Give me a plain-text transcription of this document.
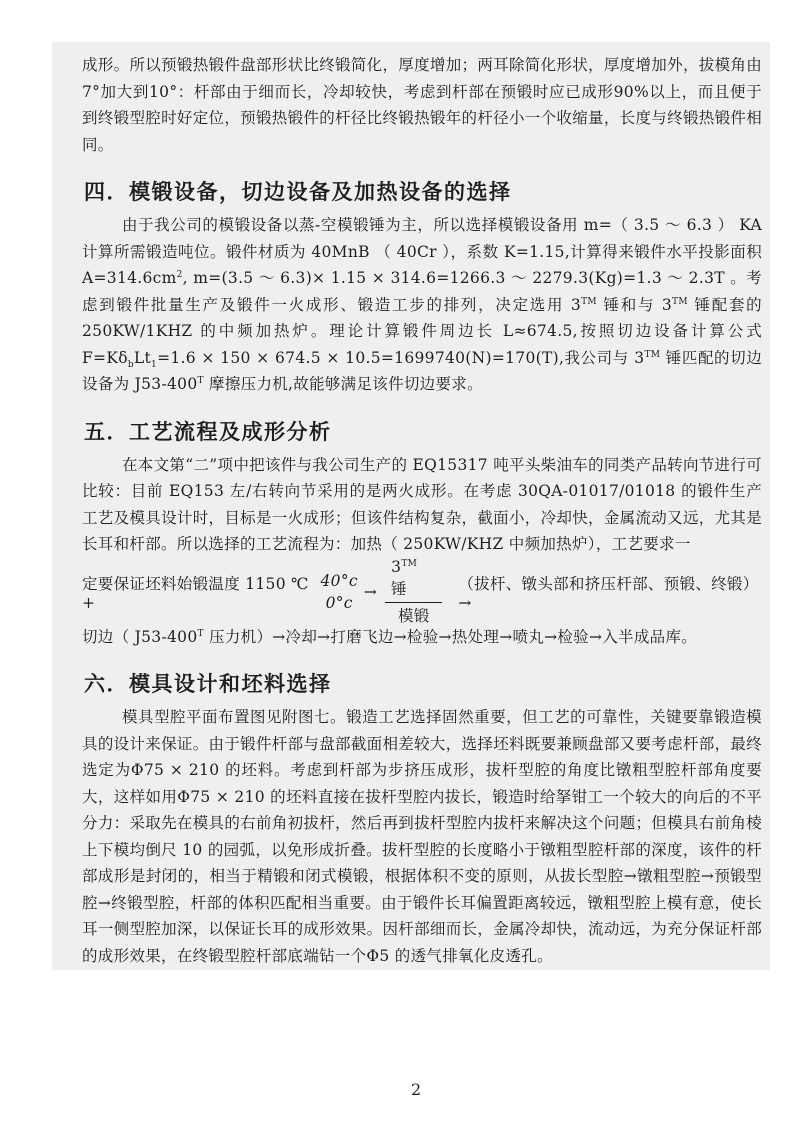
成形。所以预锻热锻件盘部形状比终锻简化，厚度增加；两耳除简化形状，厚度增加外，拔模角由7°加大到10°：杆部由于细而长，冷却较快，考虑到杆部在预锻时应已成形90%以上，而且便于到终锻型腔时好定位，预锻热锻件的杆径比终锻热锻年的杆径小一个收缩量，长度与终锻热锻件相同。

四．模锻设备，切边设备及加热设备的选择

由于我公司的模锻设备以蒸-空模锻锤为主，所以选择模锻设备用 m=（ 3.5 ～ 6.3 ） KA 计算所需锻造吨位。锻件材质为 40MnB （ 40Cr ），系数 K=1.15,计算得来锻件水平投影面积 $A=314.6cm^2$, m=(3.5 ～ 6.3)× 1.15 × 314.6=1266.3 ～ 2279.3(Kg)=1.3 ～ 2.3T 。考虑到锻件批量生产及锻件一火成形、锻造工步的排列，决定选用 3™ 锤和与 3™ 锤配套的 250KW/1KHZ 的中频加热炉。理论计算锻件周边长 L≈674.5,按照切边设备计算公式 $F=K\delta_bLt_1=1.6 \times 150 \times 674.5 \times 10.5=1699740(N)=170(T)$,我公司与 3™ 锤匹配的切边设备为 $J53-400^T$ 摩擦压力机,故能够满足该件切边要求。

五．工艺流程及成形分析

在本文第“二”项中把该件与我公司生产的 EQ15317 吨平头柴油车的同类产品转向节进行可比较：目前 EQ153 左/右转向节采用的是两火成形。在考虑 30QA-01017/01018 的锻件生产工艺及模具设计时，目标是一火成形；但该件结构复杂，截面小，冷却快，金属流动又远，尤其是长耳和杆部。所以选择的工艺流程为：加热（ 250KW/KHZ 中频加热炉），工艺要求一

定要保证坯料始锻温度 1150 ℃+
40°c
0°c
→ $\frac{3^{TM} 锤}{\text{模锻}}$ （拔杆、镦头部和挤压杆部、预锻、终锻）→

切边（ $J53-400^T$ 压力机）→冷却→打磨飞边→检验→热处理→喷丸→检验→入半成品库。

六．模具设计和坯料选择

模具型腔平面布置图见附图七。锻造工艺选择固然重要，但工艺的可靠性，关键要靠锻造模具的设计来保证。由于锻件杆部与盘部截面相差较大，选择坯料既要兼顾盘部又要考虑杆部，最终选定为Φ75 × 210 的坯料。考虑到杆部为步挤压成形，拔杆型腔的角度比镦粗型腔杆部角度要大，这样如用Φ75 × 210 的坯料直接在拔杆型腔内拔长，锻造时给拏钳工一个较大的向后的不平分力：采取先在模具的右前角初拔杆，然后再到拔杆型腔内拔杆来解决这个问题；但模具右前角棱上下模均倒尺 10 的园弧，以免形成折叠。拔杆型腔的长度略小于镦粗型腔杆部的深度，该件的杆部成形是封闭的，相当于精锻和闭式模锻，根据体积不变的原则，从拔长型腔→镦粗型腔→预锻型腔→终锻型腔，杆部的体积匹配相当重要。由于锻件长耳偏置距离较远，镦粗型腔上模有意，使长耳一侧型腔加深，以保证长耳的成形效果。因杆部细而长，金属冷却快，流动远，为充分保证杆部的成形效果，在终锻型腔杆部底端钻一个Φ5 的透气排氧化皮透孔。

2
